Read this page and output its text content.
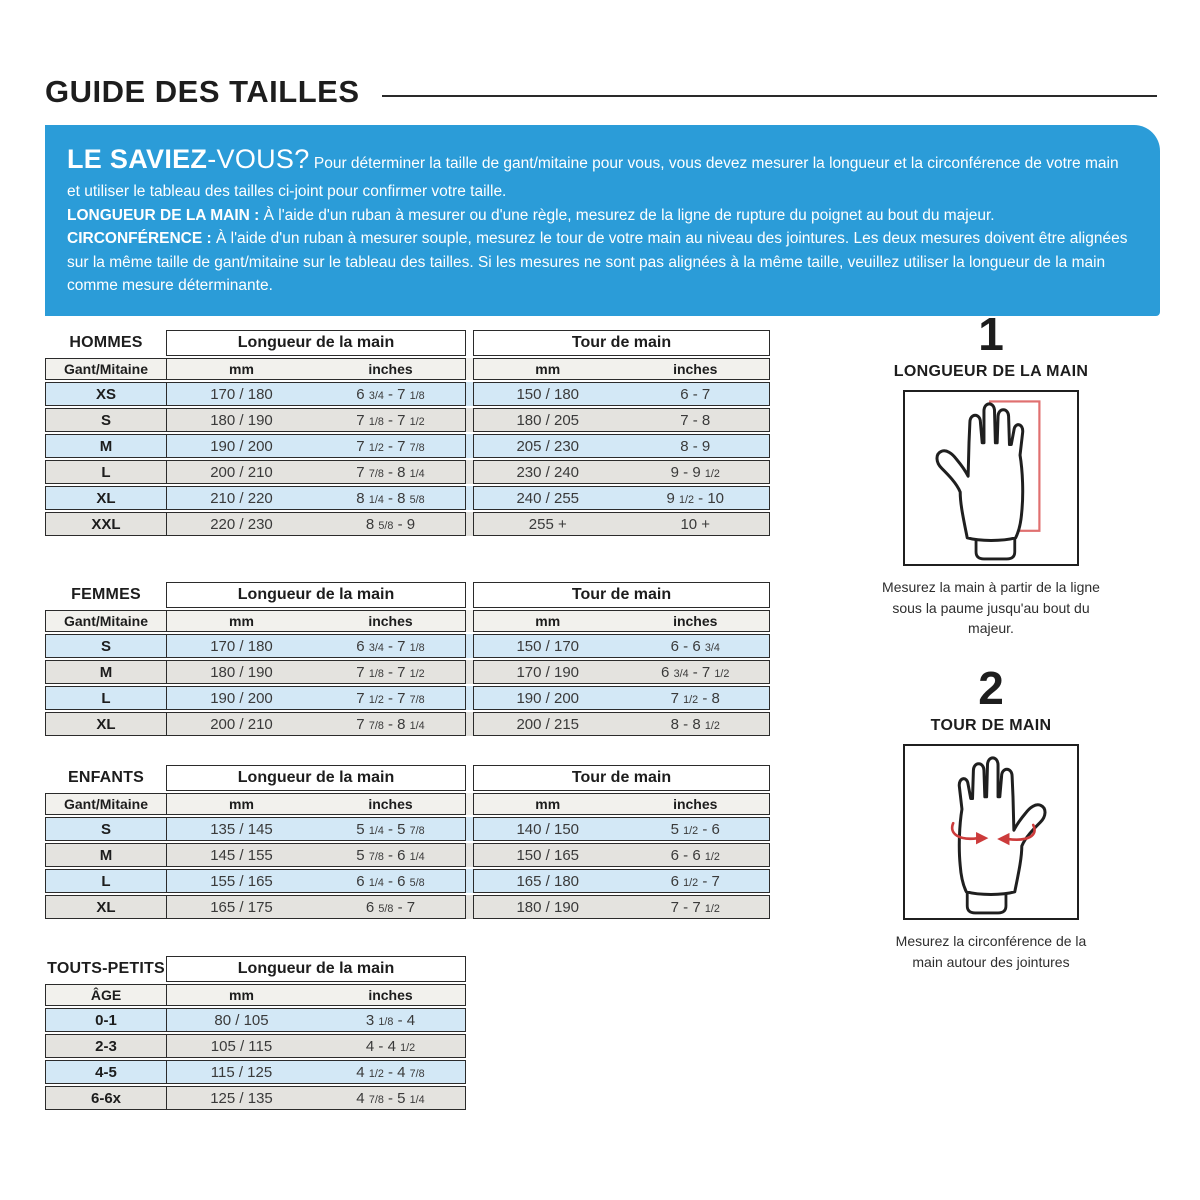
GUIDE DES TAILLES

LE SAVIEZ-VOUS? Pour déterminer la taille de gant/mitaine pour vous, vous devez mesurer la longueur et la circonférence de votre main et utiliser le tableau des tailles ci-joint pour confirmer votre taille.

LONGUEUR DE LA MAIN : À l'aide d'un ruban à mesurer ou d'une règle, mesurez de la ligne de rupture du poignet au bout du majeur.

CIRCONFÉRENCE : À l'aide d'un ruban à mesurer souple, mesurez le tour de votre main au niveau des jointures. Les deux mesures doivent être alignées sur la même taille de gant/mitaine sur le tableau des tailles. Si les mesures ne sont pas alignées à la même taille, veuillez utiliser la longueur de la main comme mesure déterminante.

HOMMES	Longueur de la main	Tour de main
Gant/Mitaine	mm	inches	mm	inches
XS	170 / 180	6 3/4 - 7 1/8	150 / 180	6 - 7
S	180 / 190	7 1/8 - 7 1/2	180 / 205	7 - 8
M	190 / 200	7 1/2 - 7 7/8	205 / 230	8 - 9
L	200 / 210	7 7/8 - 8 1/4	230 / 240	9 - 9 1/2
XL	210 / 220	8 1/4 - 8 5/8	240 / 255	9 1/2 - 10
XXL	220 / 230	8 5/8 - 9	255 +	10 +
FEMMES	Longueur de la main	Tour de main
Gant/Mitaine	mm	inches	mm	inches
S	170 / 180	6 3/4 - 7 1/8	150 / 170	6 - 6 3/4
M	180 / 190	7 1/8 - 7 1/2	170 / 190	6 3/4 - 7 1/2
L	190 / 200	7 1/2 - 7 7/8	190 / 200	7 1/2 - 8
XL	200 / 210	7 7/8 - 8 1/4	200 / 215	8 - 8 1/2
ENFANTS	Longueur de la main	Tour de main
Gant/Mitaine	mm	inches	mm	inches
S	135 / 145	5 1/4 - 5 7/8	140 / 150	5 1/2 - 6
M	145 / 155	5 7/8 - 6 1/4	150 / 165	6 - 6 1/2
L	155 / 165	6 1/4 - 6 5/8	165 / 180	6 1/2 - 7
XL	165 / 175	6 5/8 - 7	180 / 190	7 - 7 1/2
TOUTS-PETITS	Longueur de la main
ÂGE	mm	inches
0-1	80 / 105	3 1/8 - 4
2-3	105 / 115	4 - 4 1/2
4-5	115 / 125	4 1/2 - 4 7/8
6-6x	125 / 135	4 7/8 - 5 1/4
1
LONGUEUR DE LA MAIN
Mesurez la main à partir de la ligne sous la paume jusqu'au bout du majeur.
2
TOUR DE MAIN
Mesurez la circonférence de la main autour des jointures
